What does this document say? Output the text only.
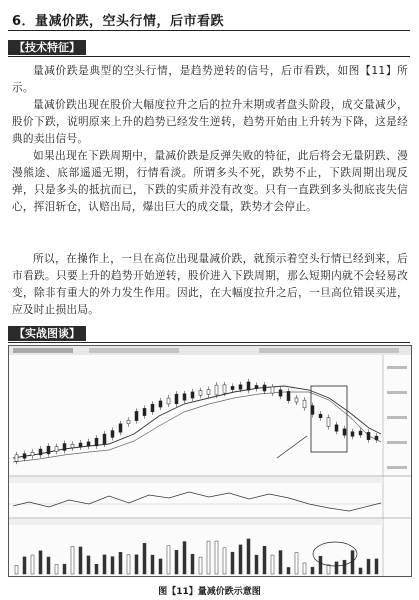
6．量减价跌，空头行情，后市看跌
【技术特征】

量减价跌是典型的空头行情，是趋势逆转的信号，后市看跌，如图【11】所示。

量减价跌出现在股价大幅度拉升之后的拉升末期或者盘头阶段，成交量减少，股价下跌，说明原来上升的趋势已经发生逆转，趋势开始由上升转为下降，这是经典的卖出信号。

如果出现在下跌周期中，量减价跌是反弹失败的特征，此后将会无量阴跌、漫漫熊途、底部遥遥无期，行情看淡。所谓多头不死，跌势不止，下跌周期出现反弹，只是多头的抵抗而已，下跌的实质并没有改变。只有一直跌到多头彻底丧失信心，挥泪斩仓，认赔出局，爆出巨大的成交量，跌势才会停止。

所以，在操作上，一旦在高位出现量减价跌，就预示着空头行情已经到来，后市看跌。只要上升的趋势开始逆转，股价进入下跌周期，那么短期内就不会轻易改变，除非有重大的外力发生作用。因此，在大幅度拉升之后，一旦高位错误买进，应及时止损出局。

【实战图谈】
图【11】量减价跌示意图
